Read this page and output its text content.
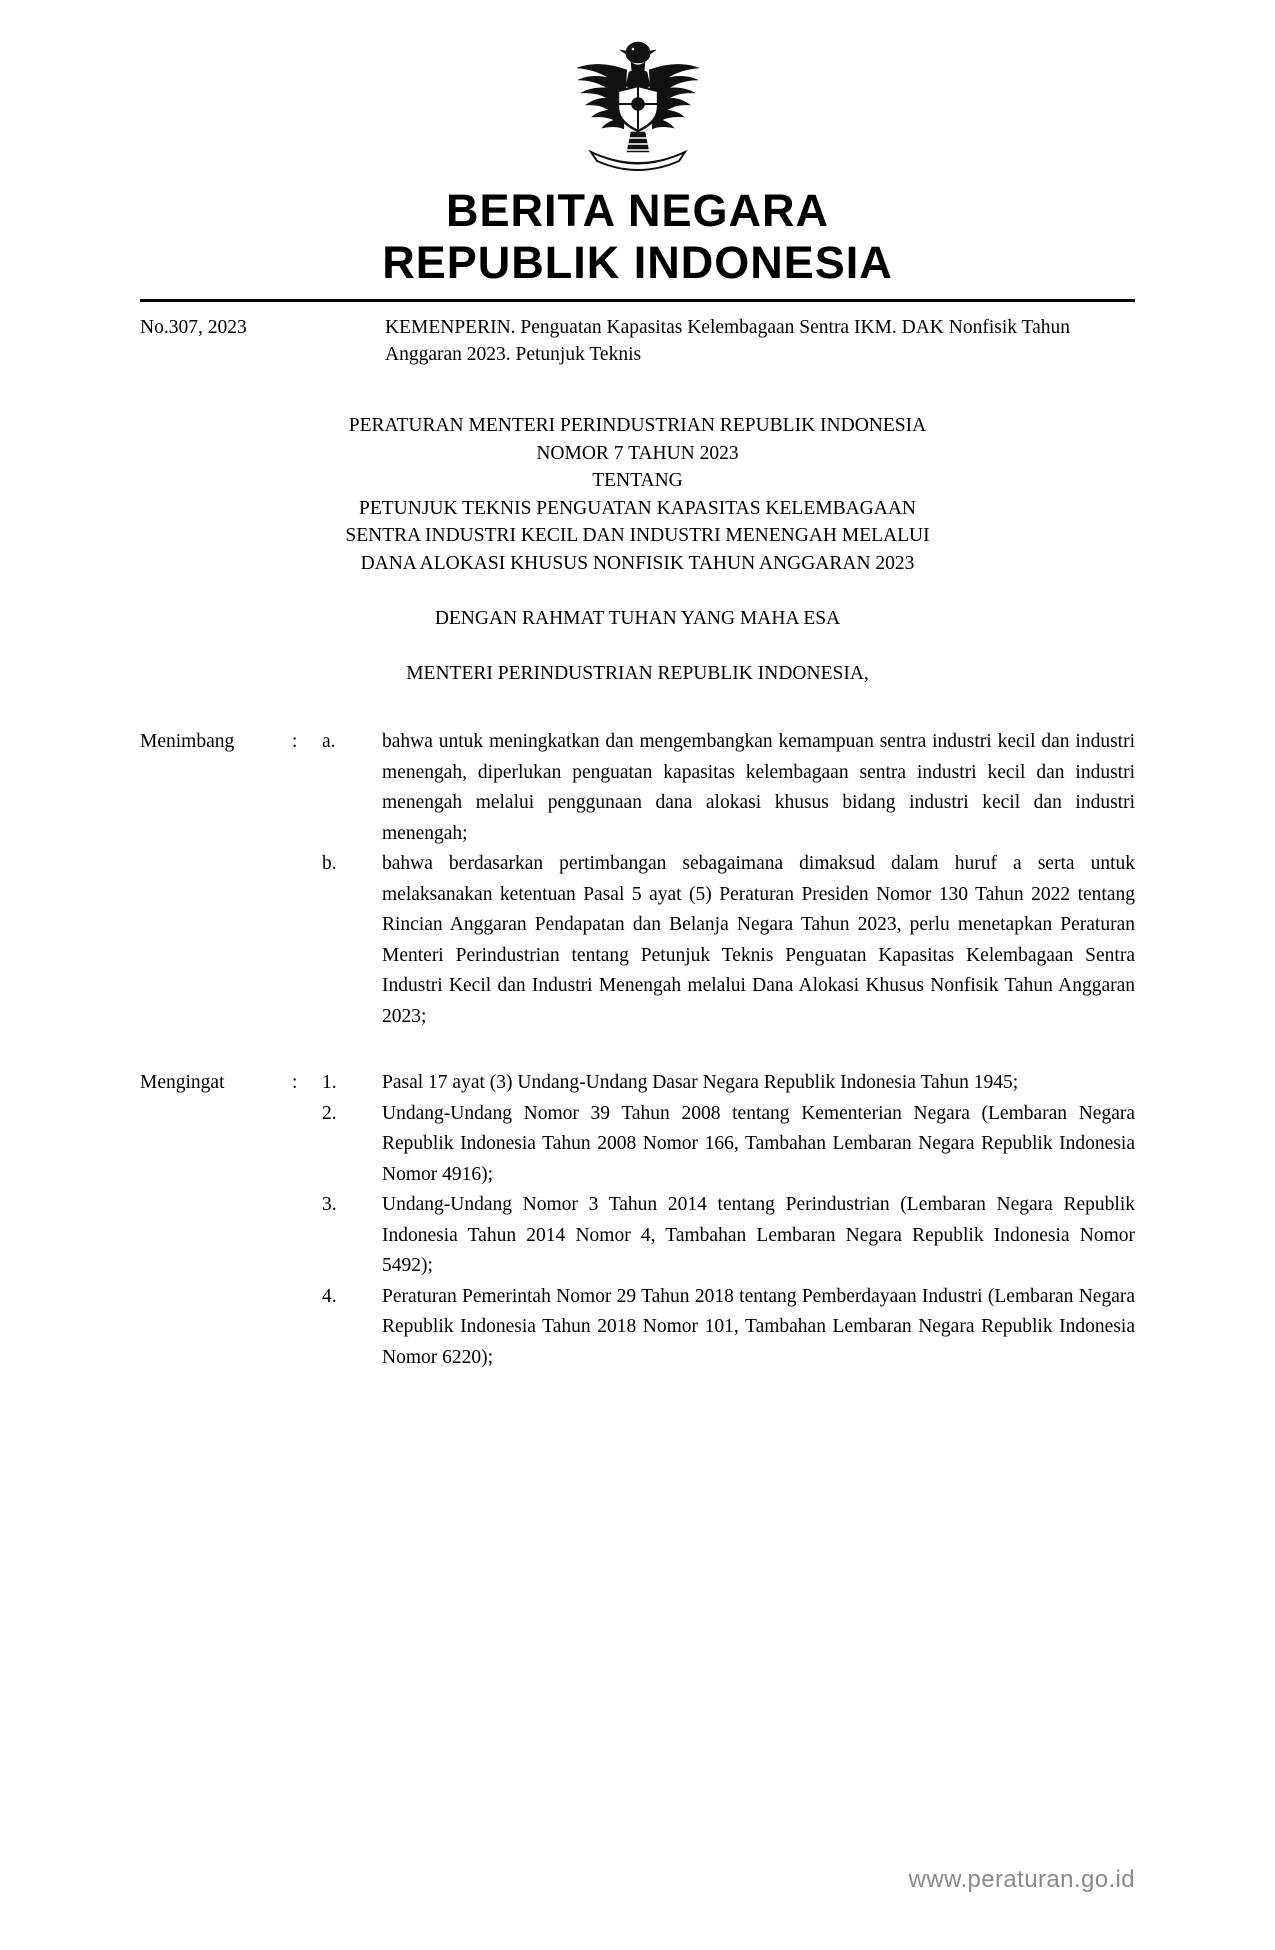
BERITA NEGARA
REPUBLIK INDONESIA
No.307, 2023	KEMENPERIN. Penguatan Kapasitas Kelembagaan Sentra IKM. DAK Nonfisik Tahun Anggaran 2023. Petunjuk Teknis
PERATURAN MENTERI PERINDUSTRIAN REPUBLIK INDONESIA
NOMOR 7 TAHUN 2023
TENTANG
PETUNJUK TEKNIS PENGUATAN KAPASITAS KELEMBAGAAN
SENTRA INDUSTRI KECIL DAN INDUSTRI MENENGAH MELALUI
DANA ALOKASI KHUSUS NONFISIK TAHUN ANGGARAN 2023
DENGAN RAHMAT TUHAN YANG MAHA ESA
MENTERI PERINDUSTRIAN REPUBLIK INDONESIA,
Menimbang	:	a.	bahwa untuk meningkatkan dan mengembangkan kemampuan sentra industri kecil dan industri menengah, diperlukan penguatan kapasitas kelembagaan sentra industri kecil dan industri menengah melalui penggunaan dana alokasi khusus bidang industri kecil dan industri menengah;
b.	bahwa berdasarkan pertimbangan sebagaimana dimaksud dalam huruf a serta untuk melaksanakan ketentuan Pasal 5 ayat (5) Peraturan Presiden Nomor 130 Tahun 2022 tentang Rincian Anggaran Pendapatan dan Belanja Negara Tahun 2023, perlu menetapkan Peraturan Menteri Perindustrian tentang Petunjuk Teknis Penguatan Kapasitas Kelembagaan Sentra Industri Kecil dan Industri Menengah melalui Dana Alokasi Khusus Nonfisik Tahun Anggaran 2023;
Mengingat	:	1.	Pasal 17 ayat (3) Undang-Undang Dasar Negara Republik Indonesia Tahun 1945;
2.	Undang-Undang Nomor 39 Tahun 2008 tentang Kementerian Negara (Lembaran Negara Republik Indonesia Tahun 2008 Nomor 166, Tambahan Lembaran Negara Republik Indonesia Nomor 4916);
3.	Undang-Undang Nomor 3 Tahun 2014 tentang Perindustrian (Lembaran Negara Republik Indonesia Tahun 2014 Nomor 4, Tambahan Lembaran Negara Republik Indonesia Nomor 5492);
4.	Peraturan Pemerintah Nomor 29 Tahun 2018 tentang Pemberdayaan Industri (Lembaran Negara Republik Indonesia Tahun 2018 Nomor 101, Tambahan Lembaran Negara Republik Indonesia Nomor 6220);
www.peraturan.go.id
